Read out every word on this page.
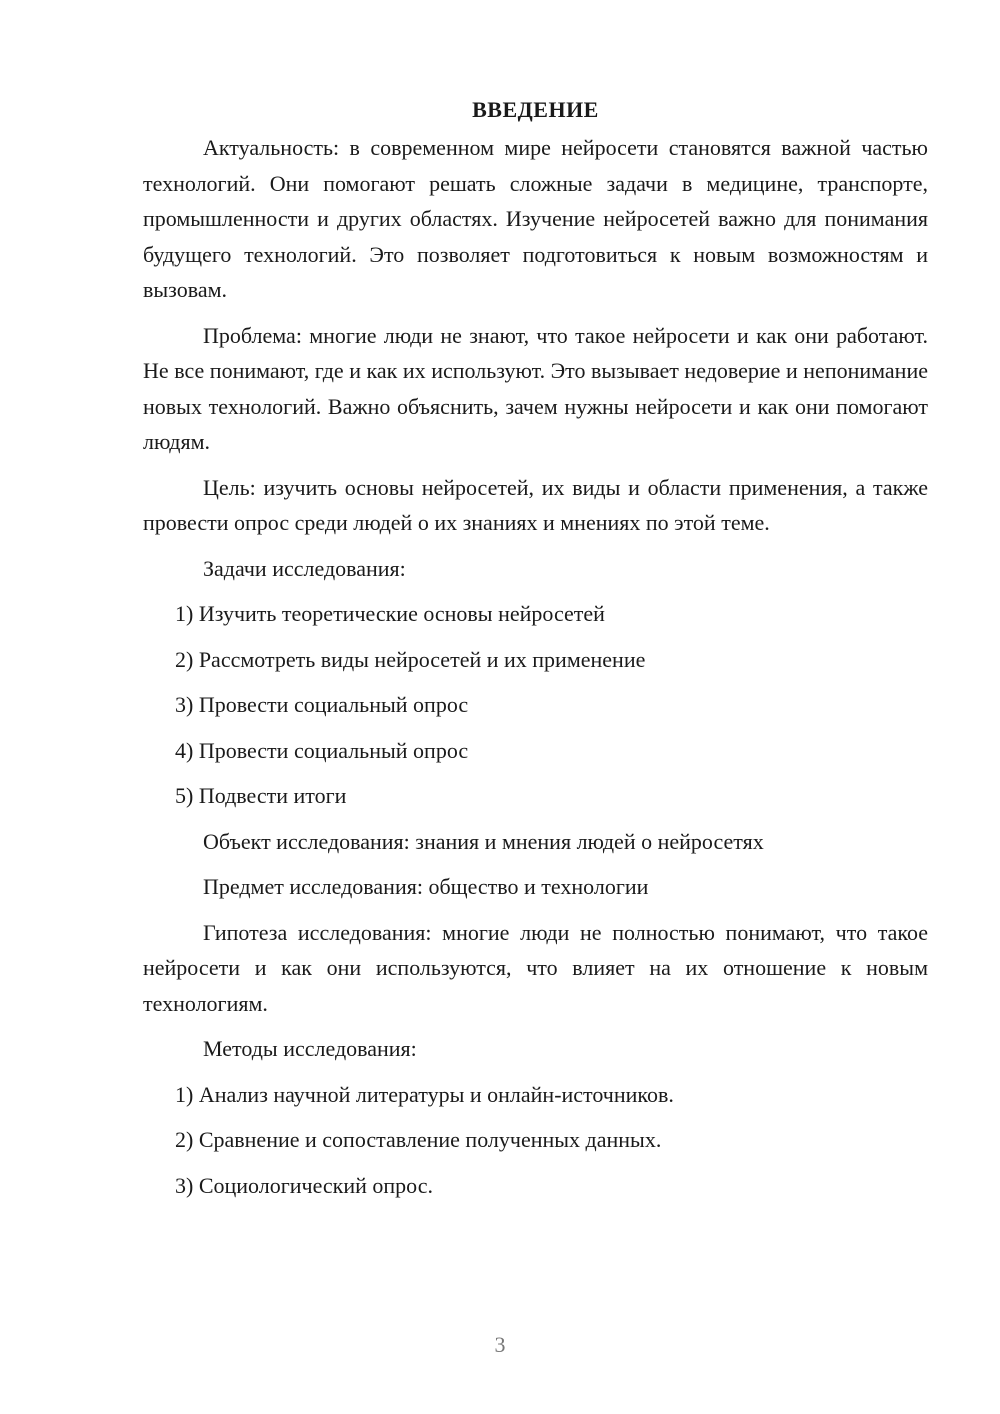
ВВЕДЕНИЕ

Актуальность: в современном мире нейросети становятся важной частью технологий. Они помогают решать сложные задачи в медицине, транспорте, промышленности и других областях. Изучение нейросетей важно для понимания будущего технологий. Это позволяет подготовиться к новым возможностям и вызовам.

Проблема: многие люди не знают, что такое нейросети и как они работают. Не все понимают, где и как их используют. Это вызывает недоверие и непонимание новых технологий. Важно объяснить, зачем нужны нейросети и как они помогают людям.

Цель: изучить основы нейросетей, их виды и области применения, а также провести опрос среди людей о их знаниях и мнениях по этой теме.

Задачи исследования:
1) Изучить теоретические основы нейросетей
2) Рассмотреть виды нейросетей и их применение
3) Провести социальный опрос
4) Провести социальный опрос
5) Подвести итоги
Объект исследования: знания и мнения людей о нейросетях
Предмет исследования: общество и технологии

Гипотеза исследования: многие люди не полностью понимают, что такое нейросети и как они используются, что влияет на их отношение к новым технологиям.

Методы исследования:
1) Анализ научной литературы и онлайн-источников.
2) Сравнение и сопоставление полученных данных.
3) Социологический опрос.
3
